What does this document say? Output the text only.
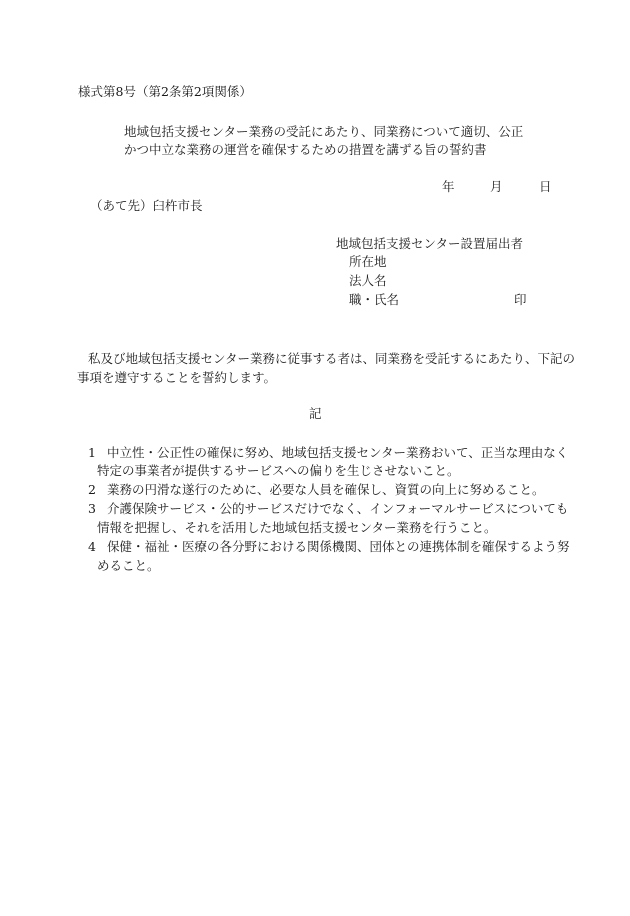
様式第8号（第2条第2項関係）
地域包括支援センター業務の受託にあたり、同業務について適切、公正
かつ中立な業務の運営を確保するための措置を講ずる旨の誓約書
年	月	日
（あて先）臼杵市長
地域包括支援センター設置届出者
所在地
法人名
職・氏名	印
私及び地域包括支援センター業務に従事する者は、同業務を受託するにあたり、下記の
事項を遵守することを誓約します。
記
1 中立性・公正性の確保に努め、地域包括支援センター業務おいて、正当な理由なく
特定の事業者が提供するサービスへの偏りを生じさせないこと。
2 業務の円滑な遂行のために、必要な人員を確保し、資質の向上に努めること。
3 介護保険サービス・公的サービスだけでなく、インフォーマルサービスについても
情報を把握し、それを活用した地域包括支援センター業務を行うこと。
4 保健・福祉・医療の各分野における関係機関、団体との連携体制を確保するよう努
めること。
